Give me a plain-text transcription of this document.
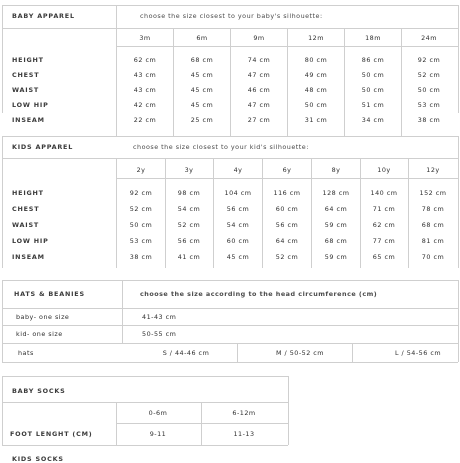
BABY APPAREL	choose the size closest to your baby's silhouette:
3m	6m	9m	12m	18m	24m
HEIGHT	62 cm	68 cm	74 cm	80 cm	86 cm	92 cm
CHEST	43 cm	45 cm	47 cm	49 cm	50 cm	52 cm
WAIST	43 cm	45 cm	46 cm	48 cm	50 cm	50 cm
LOW HIP	42 cm	45 cm	47 cm	50 cm	51 cm	53 cm
INSEAM	22 cm	25 cm	27 cm	31 cm	34 cm	38 cm
KIDS APPAREL	choose the size closest to your kid's silhouette:
2y	3y	4y	6y	8y	10y	12y
HEIGHT	92 cm	98 cm	104 cm	116 cm	128 cm	140 cm	152 cm
CHEST	52 cm	54 cm	56 cm	60 cm	64 cm	71 cm	78 cm
WAIST	50 cm	52 cm	54 cm	56 cm	59 cm	62 cm	68 cm
LOW HIP	53 cm	56 cm	60 cm	64 cm	68 cm	77 cm	81 cm
INSEAM	38 cm	41 cm	45 cm	52 cm	59 cm	65 cm	70 cm
HATS & BEANIES	choose the size according to the head circumference (cm)
baby- one size	41-43 cm
kid- one size	50-55 cm
hats	S / 44-46 cm	M / 50-52 cm	L / 54-56 cm
BABY SOCKS
0-6m	6-12m
FOOT LENGHT (CM)	9-11	11-13
KIDS SOCKS
